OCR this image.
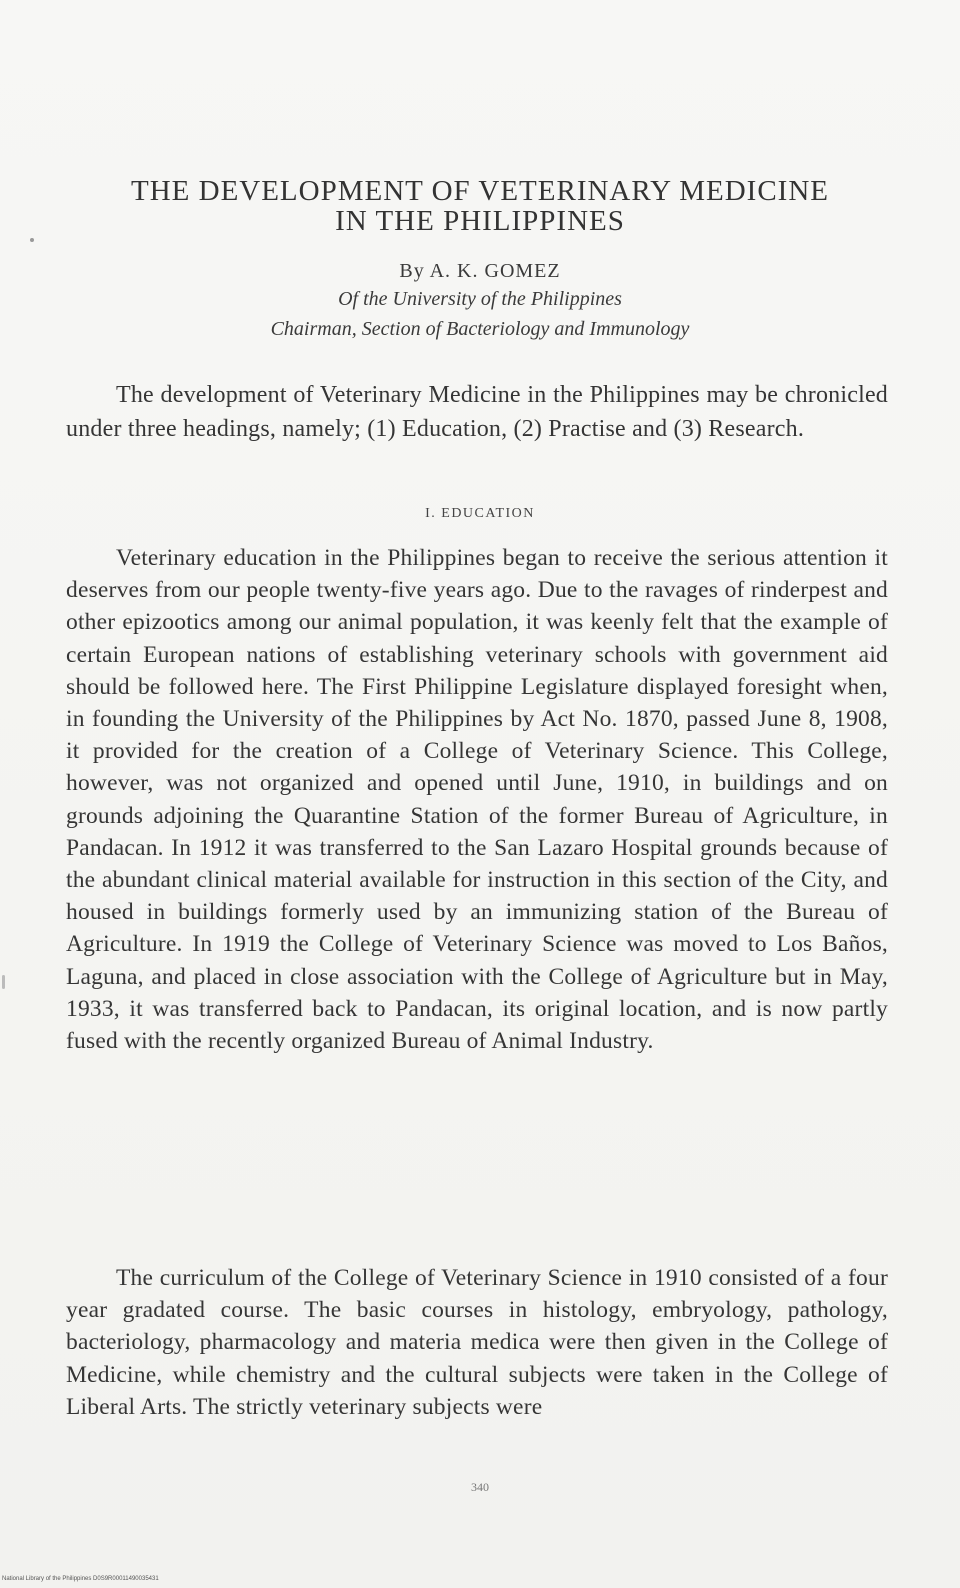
THE DEVELOPMENT OF VETERINARY MEDICINE
IN THE PHILIPPINES

By A. K. GOMEZ

Of the University of the Philippines

Chairman, Section of Bacteriology and Immunology

The development of Veterinary Medicine in the Philippines may be chronicled under three headings, namely; (1) Education, (2) Practise and (3) Research.

I. EDUCATION

Veterinary education in the Philippines began to receive the serious attention it deserves from our people twenty-five years ago. Due to the ravages of rinderpest and other epizootics among our animal population, it was keenly felt that the example of certain European nations of establishing veterinary schools with government aid should be followed here. The First Philippine Legislature displayed foresight when, in founding the University of the Philippines by Act No. 1870, passed June 8, 1908, it provided for the creation of a College of Veterinary Science. This College, however, was not organized and opened until June, 1910, in buildings and on grounds adjoining the Quarantine Station of the former Bureau of Agriculture, in Pandacan. In 1912 it was transferred to the San Lazaro Hospital grounds because of the abundant clinical material available for instruction in this section of the City, and housed in buildings formerly used by an immunizing station of the Bureau of Agriculture. In 1919 the College of Veterinary Science was moved to Los Baños, Laguna, and placed in close association with the College of Agriculture but in May, 1933, it was transferred back to Pandacan, its original location, and is now partly fused with the recently organized Bureau of Animal Industry.

The curriculum of the College of Veterinary Science in 1910 consisted of a four year gradated course. The basic courses in histology, embryology, pathology, bacteriology, pharmacology and materia medica were then given in the College of Medicine, while chemistry and the cultural subjects were taken in the College of Liberal Arts. The strictly veterinary subjects were

340
National Library of the Philippines D0S9R00011490035431
